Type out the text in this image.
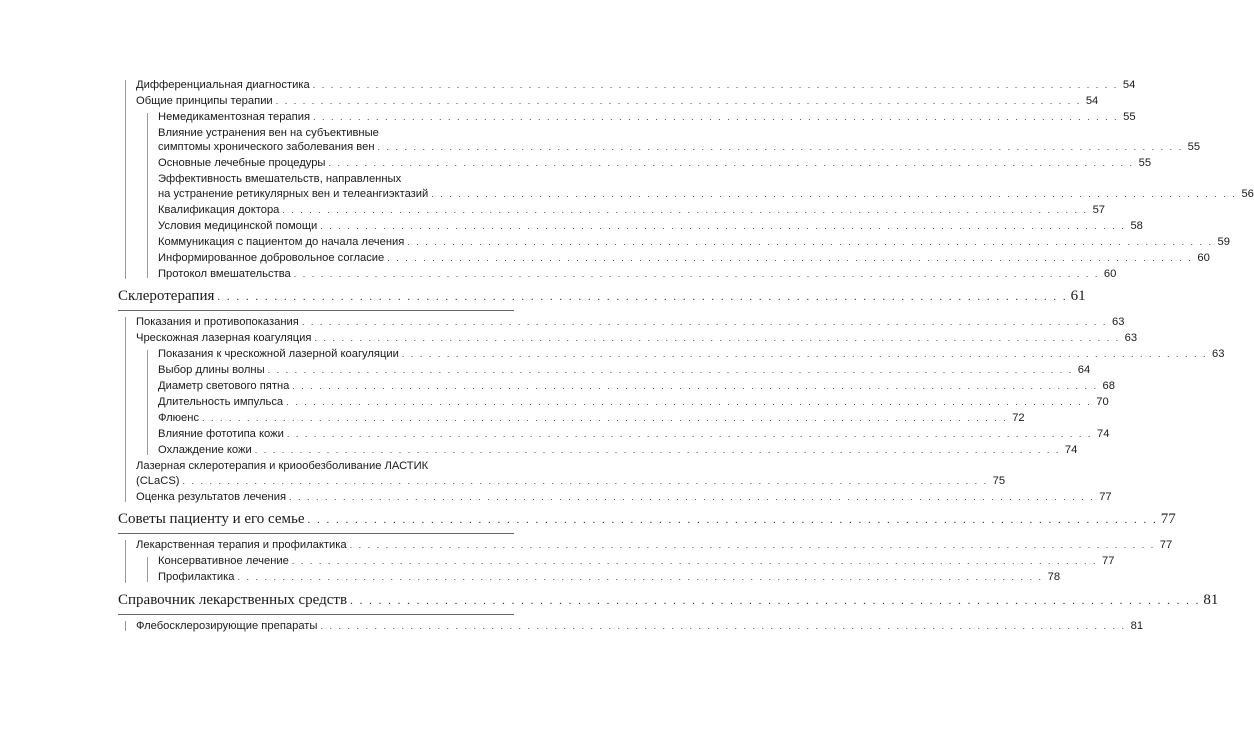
Дифференциальная диагностика . . . . . . . . . . . . . . . . . . . . . . . . . . . . . . . . . . . . . . . . . . . . . . . . . . . . . . . . . . . . . . . . . . . . . . . . . . . . . . . . . . . . . . . . . . 54
Общие принципы терапии . . . . . . . . . . . . . . . . . . . . . . . . . . . . . . . . . . . . . . . . . . . . . . . . . . . . . . . . . . . . . . . . . . . . . . . . . . . . . . . . . . . . . . . . . . 54
Немедикаментозная терапия . . . . . . . . . . . . . . . . . . . . . . . . . . . . . . . . . . . . . . . . . . . . . . . . . . . . . . . . . . . . . . . . . . . . . . . . . . . . . . . . . . . . . . . . . . 55
Влияние устранения вен на субъективные
симптомы хронического заболевания вен . . . . . . . . . . . . . . . . . . . . . . . . . . . . . . . . . . . . . . . . . . . . . . . . . . . . . . . . . . . . . . . . . . . . . . . . . . . . . . . . . . . . . . . . . . 55
Основные лечебные процедуры . . . . . . . . . . . . . . . . . . . . . . . . . . . . . . . . . . . . . . . . . . . . . . . . . . . . . . . . . . . . . . . . . . . . . . . . . . . . . . . . . . . . . . . . . . 55
Эффективность вмешательств, направленных
на устранение ретикулярных вен и телеангиэктазий . . . . . . . . . . . . . . . . . . . . . . . . . . . . . . . . . . . . . . . . . . . . . . . . . . . . . . . . . . . . . . . . . . . . . . . . . . . . . . . . . . . . . . . . . . 56
Квалификация доктора . . . . . . . . . . . . . . . . . . . . . . . . . . . . . . . . . . . . . . . . . . . . . . . . . . . . . . . . . . . . . . . . . . . . . . . . . . . . . . . . . . . . . . . . . . 57
Условия медицинской помощи . . . . . . . . . . . . . . . . . . . . . . . . . . . . . . . . . . . . . . . . . . . . . . . . . . . . . . . . . . . . . . . . . . . . . . . . . . . . . . . . . . . . . . . . . . 58
Коммуникация с пациентом до начала лечения . . . . . . . . . . . . . . . . . . . . . . . . . . . . . . . . . . . . . . . . . . . . . . . . . . . . . . . . . . . . . . . . . . . . . . . . . . . . . . . . . . . . . . . . . . 59
Информированное добровольное согласие . . . . . . . . . . . . . . . . . . . . . . . . . . . . . . . . . . . . . . . . . . . . . . . . . . . . . . . . . . . . . . . . . . . . . . . . . . . . . . . . . . . . . . . . . . 60
Протокол вмешательства . . . . . . . . . . . . . . . . . . . . . . . . . . . . . . . . . . . . . . . . . . . . . . . . . . . . . . . . . . . . . . . . . . . . . . . . . . . . . . . . . . . . . . . . . . 60
Склеротерапия . . . . . . . . . . . . . . . . . . . . . . . . . . . . . . . . . . . . . . . . . . . . . . . . . . . . . . . . . . . . . . . . . . . . . . . . . . . . . . . . . . . . . . . . . . 61
Показания и противопоказания . . . . . . . . . . . . . . . . . . . . . . . . . . . . . . . . . . . . . . . . . . . . . . . . . . . . . . . . . . . . . . . . . . . . . . . . . . . . . . . . . . . . . . . . . . 63
Чрескожная лазерная коагуляция . . . . . . . . . . . . . . . . . . . . . . . . . . . . . . . . . . . . . . . . . . . . . . . . . . . . . . . . . . . . . . . . . . . . . . . . . . . . . . . . . . . . . . . . . . 63
Показания к чрескожной лазерной коагуляции . . . . . . . . . . . . . . . . . . . . . . . . . . . . . . . . . . . . . . . . . . . . . . . . . . . . . . . . . . . . . . . . . . . . . . . . . . . . . . . . . . . . . . . . . . 63
Выбор длины волны . . . . . . . . . . . . . . . . . . . . . . . . . . . . . . . . . . . . . . . . . . . . . . . . . . . . . . . . . . . . . . . . . . . . . . . . . . . . . . . . . . . . . . . . . . 64
Диаметр светового пятна . . . . . . . . . . . . . . . . . . . . . . . . . . . . . . . . . . . . . . . . . . . . . . . . . . . . . . . . . . . . . . . . . . . . . . . . . . . . . . . . . . . . . . . . . . 68
Длительность импульса . . . . . . . . . . . . . . . . . . . . . . . . . . . . . . . . . . . . . . . . . . . . . . . . . . . . . . . . . . . . . . . . . . . . . . . . . . . . . . . . . . . . . . . . . . 70
Флюенс . . . . . . . . . . . . . . . . . . . . . . . . . . . . . . . . . . . . . . . . . . . . . . . . . . . . . . . . . . . . . . . . . . . . . . . . . . . . . . . . . . . . . . . . . . 72
Влияние фототипа кожи . . . . . . . . . . . . . . . . . . . . . . . . . . . . . . . . . . . . . . . . . . . . . . . . . . . . . . . . . . . . . . . . . . . . . . . . . . . . . . . . . . . . . . . . . . 74
Охлаждение кожи . . . . . . . . . . . . . . . . . . . . . . . . . . . . . . . . . . . . . . . . . . . . . . . . . . . . . . . . . . . . . . . . . . . . . . . . . . . . . . . . . . . . . . . . . . 74
Лазерная склеротерапия и криообезболивание ЛАСТИК
(CLaCS) . . . . . . . . . . . . . . . . . . . . . . . . . . . . . . . . . . . . . . . . . . . . . . . . . . . . . . . . . . . . . . . . . . . . . . . . . . . . . . . . . . . . . . . . . . 75
Оценка результатов лечения . . . . . . . . . . . . . . . . . . . . . . . . . . . . . . . . . . . . . . . . . . . . . . . . . . . . . . . . . . . . . . . . . . . . . . . . . . . . . . . . . . . . . . . . . . 77
Советы пациенту и его семье . . . . . . . . . . . . . . . . . . . . . . . . . . . . . . . . . . . . . . . . . . . . . . . . . . . . . . . . . . . . . . . . . . . . . . . . . . . . . . . . . . . . . . . . . . 77
Лекарственная терапия и профилактика . . . . . . . . . . . . . . . . . . . . . . . . . . . . . . . . . . . . . . . . . . . . . . . . . . . . . . . . . . . . . . . . . . . . . . . . . . . . . . . . . . . . . . . . . . 77
Консервативное лечение . . . . . . . . . . . . . . . . . . . . . . . . . . . . . . . . . . . . . . . . . . . . . . . . . . . . . . . . . . . . . . . . . . . . . . . . . . . . . . . . . . . . . . . . . . 77
Профилактика . . . . . . . . . . . . . . . . . . . . . . . . . . . . . . . . . . . . . . . . . . . . . . . . . . . . . . . . . . . . . . . . . . . . . . . . . . . . . . . . . . . . . . . . . . 78
Справочник лекарственных средств . . . . . . . . . . . . . . . . . . . . . . . . . . . . . . . . . . . . . . . . . . . . . . . . . . . . . . . . . . . . . . . . . . . . . . . . . . . . . . . . . . . . . . . . . . 81
Флебосклерозирующие препараты . . . . . . . . . . . . . . . . . . . . . . . . . . . . . . . . . . . . . . . . . . . . . . . . . . . . . . . . . . . . . . . . . . . . . . . . . . . . . . . . . . . . . . . . . . 81
